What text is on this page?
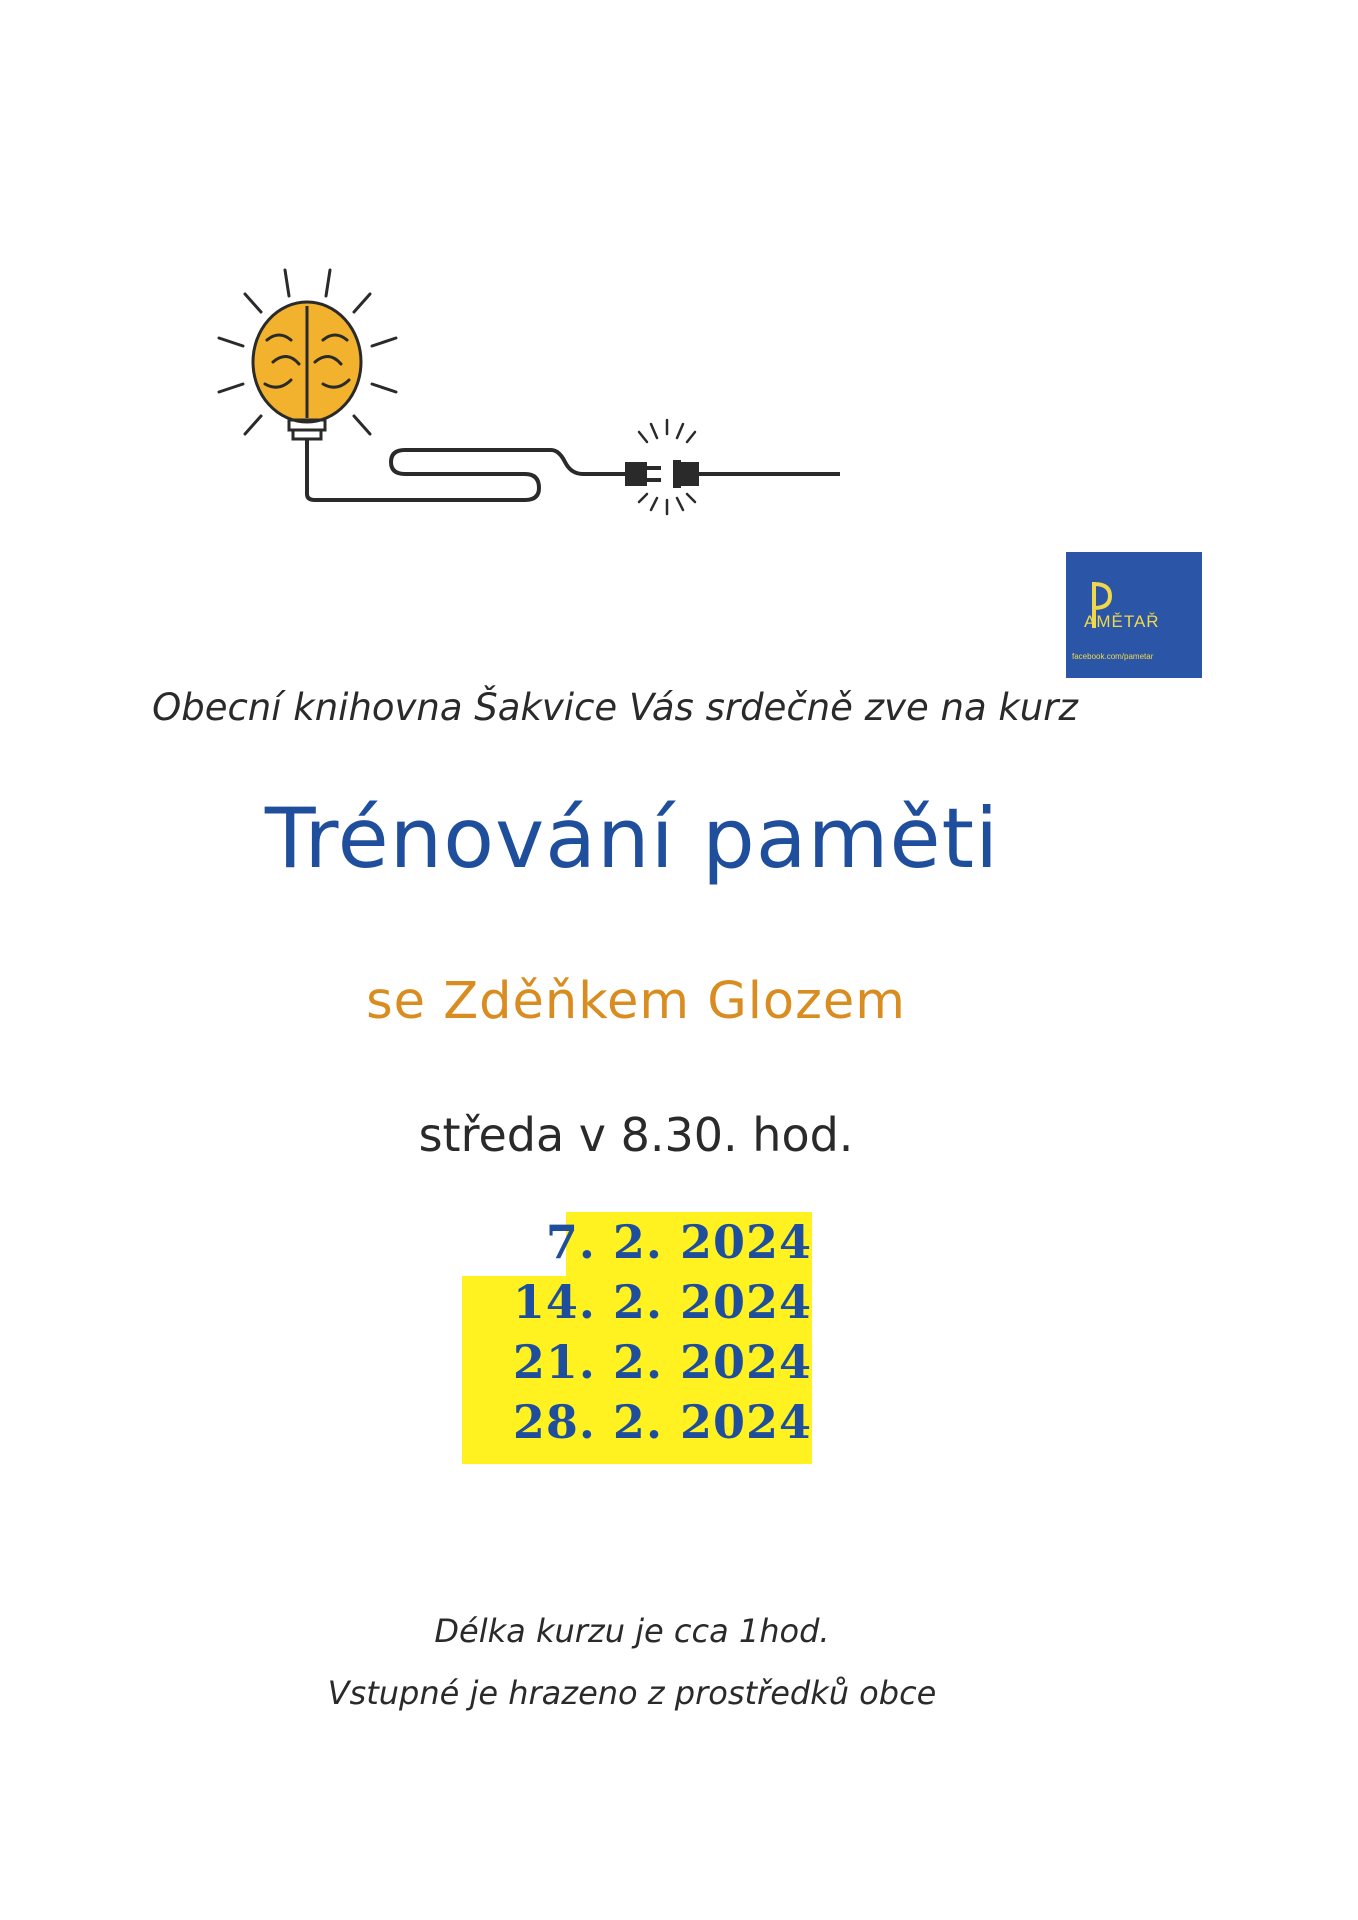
AMĚTAŘ
facebook.com/pametar
Obecní knihovna Šakvice Vás srdečně zve na kurz
Trénování paměti
se Zděňkem Glozem
středa v 8.30. hod.
7. 2. 2024
14. 2. 2024
21. 2. 2024
28. 2. 2024
Délka kurzu je cca 1hod.
Vstupné je hrazeno z prostředků obce
